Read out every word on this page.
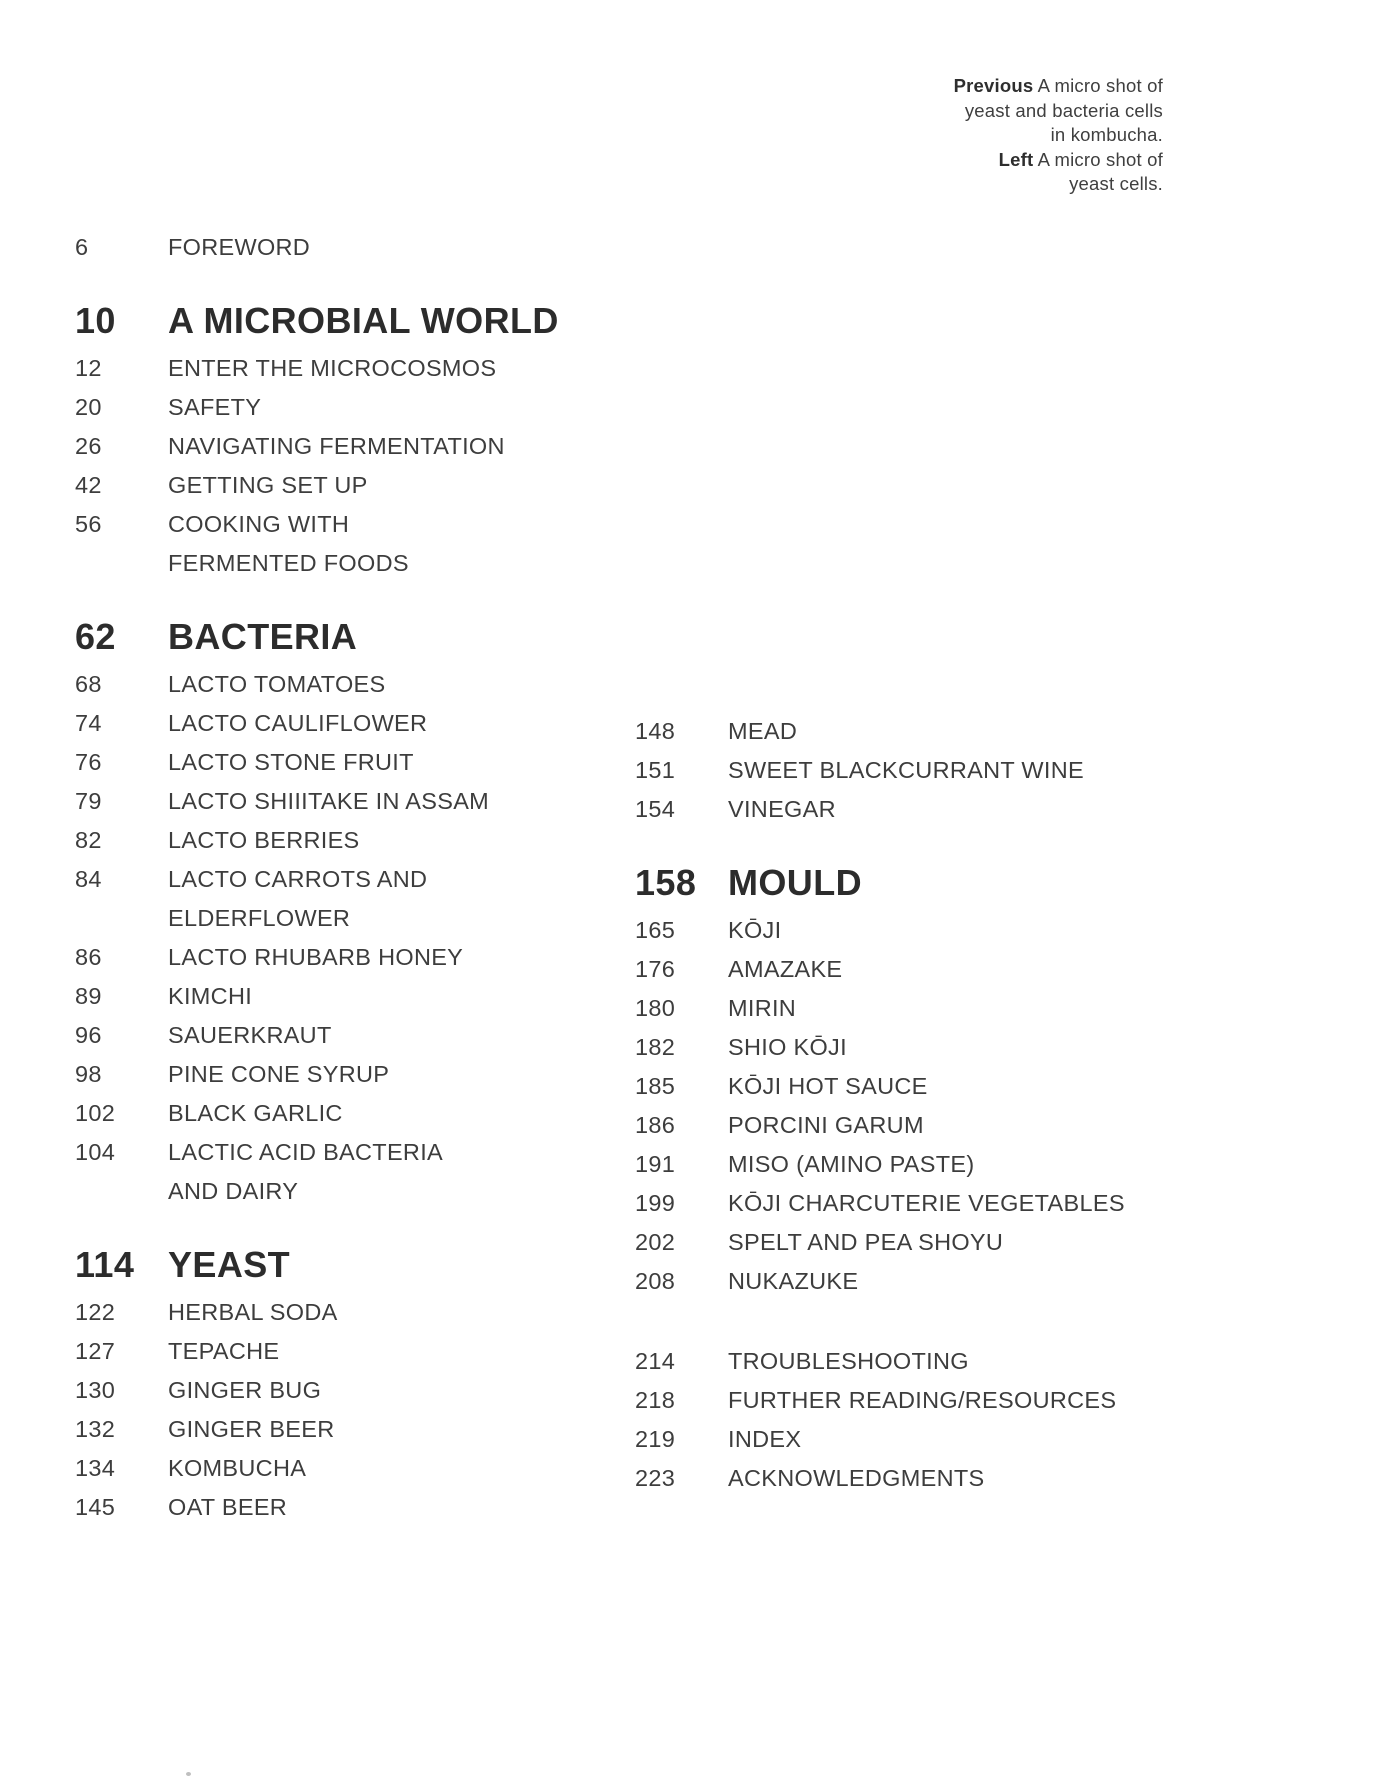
Previous A micro shot of
yeast and bacteria cells
in kombucha.
Left A micro shot of
yeast cells.
6	FOREWORD
10	A MICROBIAL WORLD
12	ENTER THE MICROCOSMOS
20	SAFETY
26	NAVIGATING FERMENTATION
42	GETTING SET UP
56	COOKING WITH
FERMENTED FOODS
62	BACTERIA
68	LACTO TOMATOES
74	LACTO CAULIFLOWER
76	LACTO STONE FRUIT
79	LACTO SHIIITAKE IN ASSAM
82	LACTO BERRIES
84	LACTO CARROTS AND
ELDERFLOWER
86	LACTO RHUBARB HONEY
89	KIMCHI
96	SAUERKRAUT
98	PINE CONE SYRUP
102	BLACK GARLIC
104	LACTIC ACID BACTERIA
AND DAIRY
114 YEAST
122	HERBAL SODA
127	TEPACHE
130	GINGER BUG
132	GINGER BEER
134	KOMBUCHA
145	OAT BEER
148	MEAD
151	SWEET BLACKCURRANT WINE
154	VINEGAR
158 MOULD
165	KŌJI
176	AMAZAKE
180	MIRIN
182	SHIO KŌJI
185	KŌJI HOT SAUCE
186	PORCINI GARUM
191	MISO (AMINO PASTE)
199	KŌJI CHARCUTERIE VEGETABLES
202	SPELT AND PEA SHOYU
208	NUKAZUKE
214	TROUBLESHOOTING
218	FURTHER READING/RESOURCES
219	INDEX
223	ACKNOWLEDGMENTS
